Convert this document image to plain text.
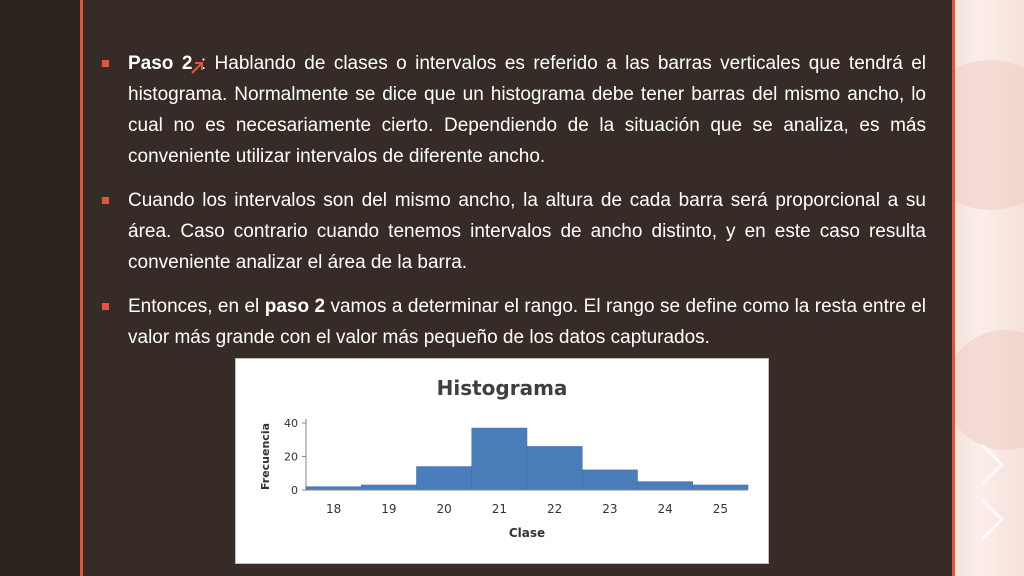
Paso 2 : Hablando de clases o intervalos es referido a las barras verticales que tendrá el histograma. Normalmente se dice que un histograma debe tener barras del mismo ancho, lo cual no es necesariamente cierto. Dependiendo de la situación que se analiza, es más conveniente utilizar intervalos de diferente ancho.
Cuando los intervalos son del mismo ancho, la altura de cada barra será proporcional a su área. Caso contrario cuando tenemos intervalos de ancho distinto, y en este caso resulta conveniente analizar el área de la barra.
Entonces, en el paso 2 vamos a determinar el rango. El rango se define como la resta entre el valor más grande con el valor más pequeño de los datos capturados.
Histograma
0
20
40
18	19	20	21	22	23	24	25
Clase
Frecuencia
